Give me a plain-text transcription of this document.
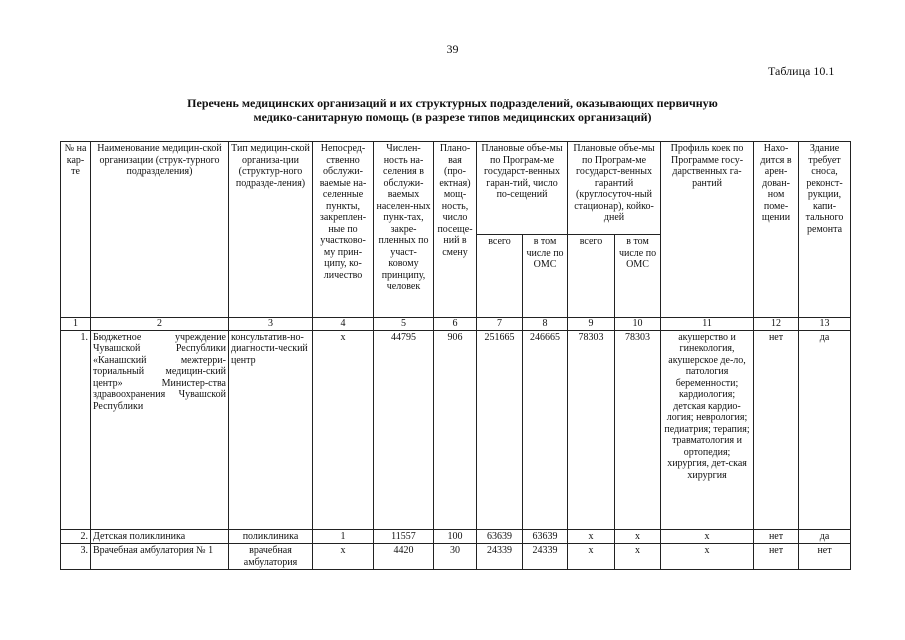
39
Таблица 10.1
Перечень медицинских организаций и их структурных подразделений, оказывающих первичную
медико-санитарную помощь (в разрезе типов медицинских организаций)
№ на кар-те	Наименование медицин-ской организации (струк-турного подразделения)	Тип медицин-ской организа-ции (структур-ного подразде-ления)	Непосред-ственно обслужи-ваемые на-селенные пункты, закреплен-ные по участково-му прин-ципу, ко-личество	Числен-ность на-селения в обслужи-ваемых населен-ных пунк-тах, закре-пленных по участ-ковому принципу, человек	Плано-вая (про-ектная) мощ-ность, число посеще-ний в смену	Плановые объе-мы по Програм-ме государст-венных гаран-тий, число по-сещений		Плановые объе-мы по Програм-ме государст-венных гарантий (круглосуточ-ный стационар), койко-дней		Профиль коек по Программе госу-дарственных га-рантий	Нахо-дится в арен-дован-ном поме-щении	Здание требует сноса, реконст-рукции, капи-тального ремонта
						всего	в том числе по ОМС	всего	в том числе по ОМС			
1	2	3	4	5	6	7	8	9	10	11	12	13
1.	Бюджетное учреждение Чувашской Республики «Канашский межтерри-ториальный медицин-ский центр» Министер-ства здравоохранения Чувашской Республики	консультатив-но-диагности-ческий центр	х	44795	906	251665	246665	78303	78303	акушерство и гинекология, акушерское де-ло, патология беременности; кардиология; детская кардио-логия; неврология; педиатрия; терапия; травматология и ортопедия; хирургия, дет-ская хирургия	нет	да
2.	Детская поликлиника	поликлиника	1	11557	100	63639	63639	х	х	х	нет	да
3.	Врачебная амбулатория № 1	врачебная амбулатория	х	4420	30	24339	24339	х	х	х	нет	нет
